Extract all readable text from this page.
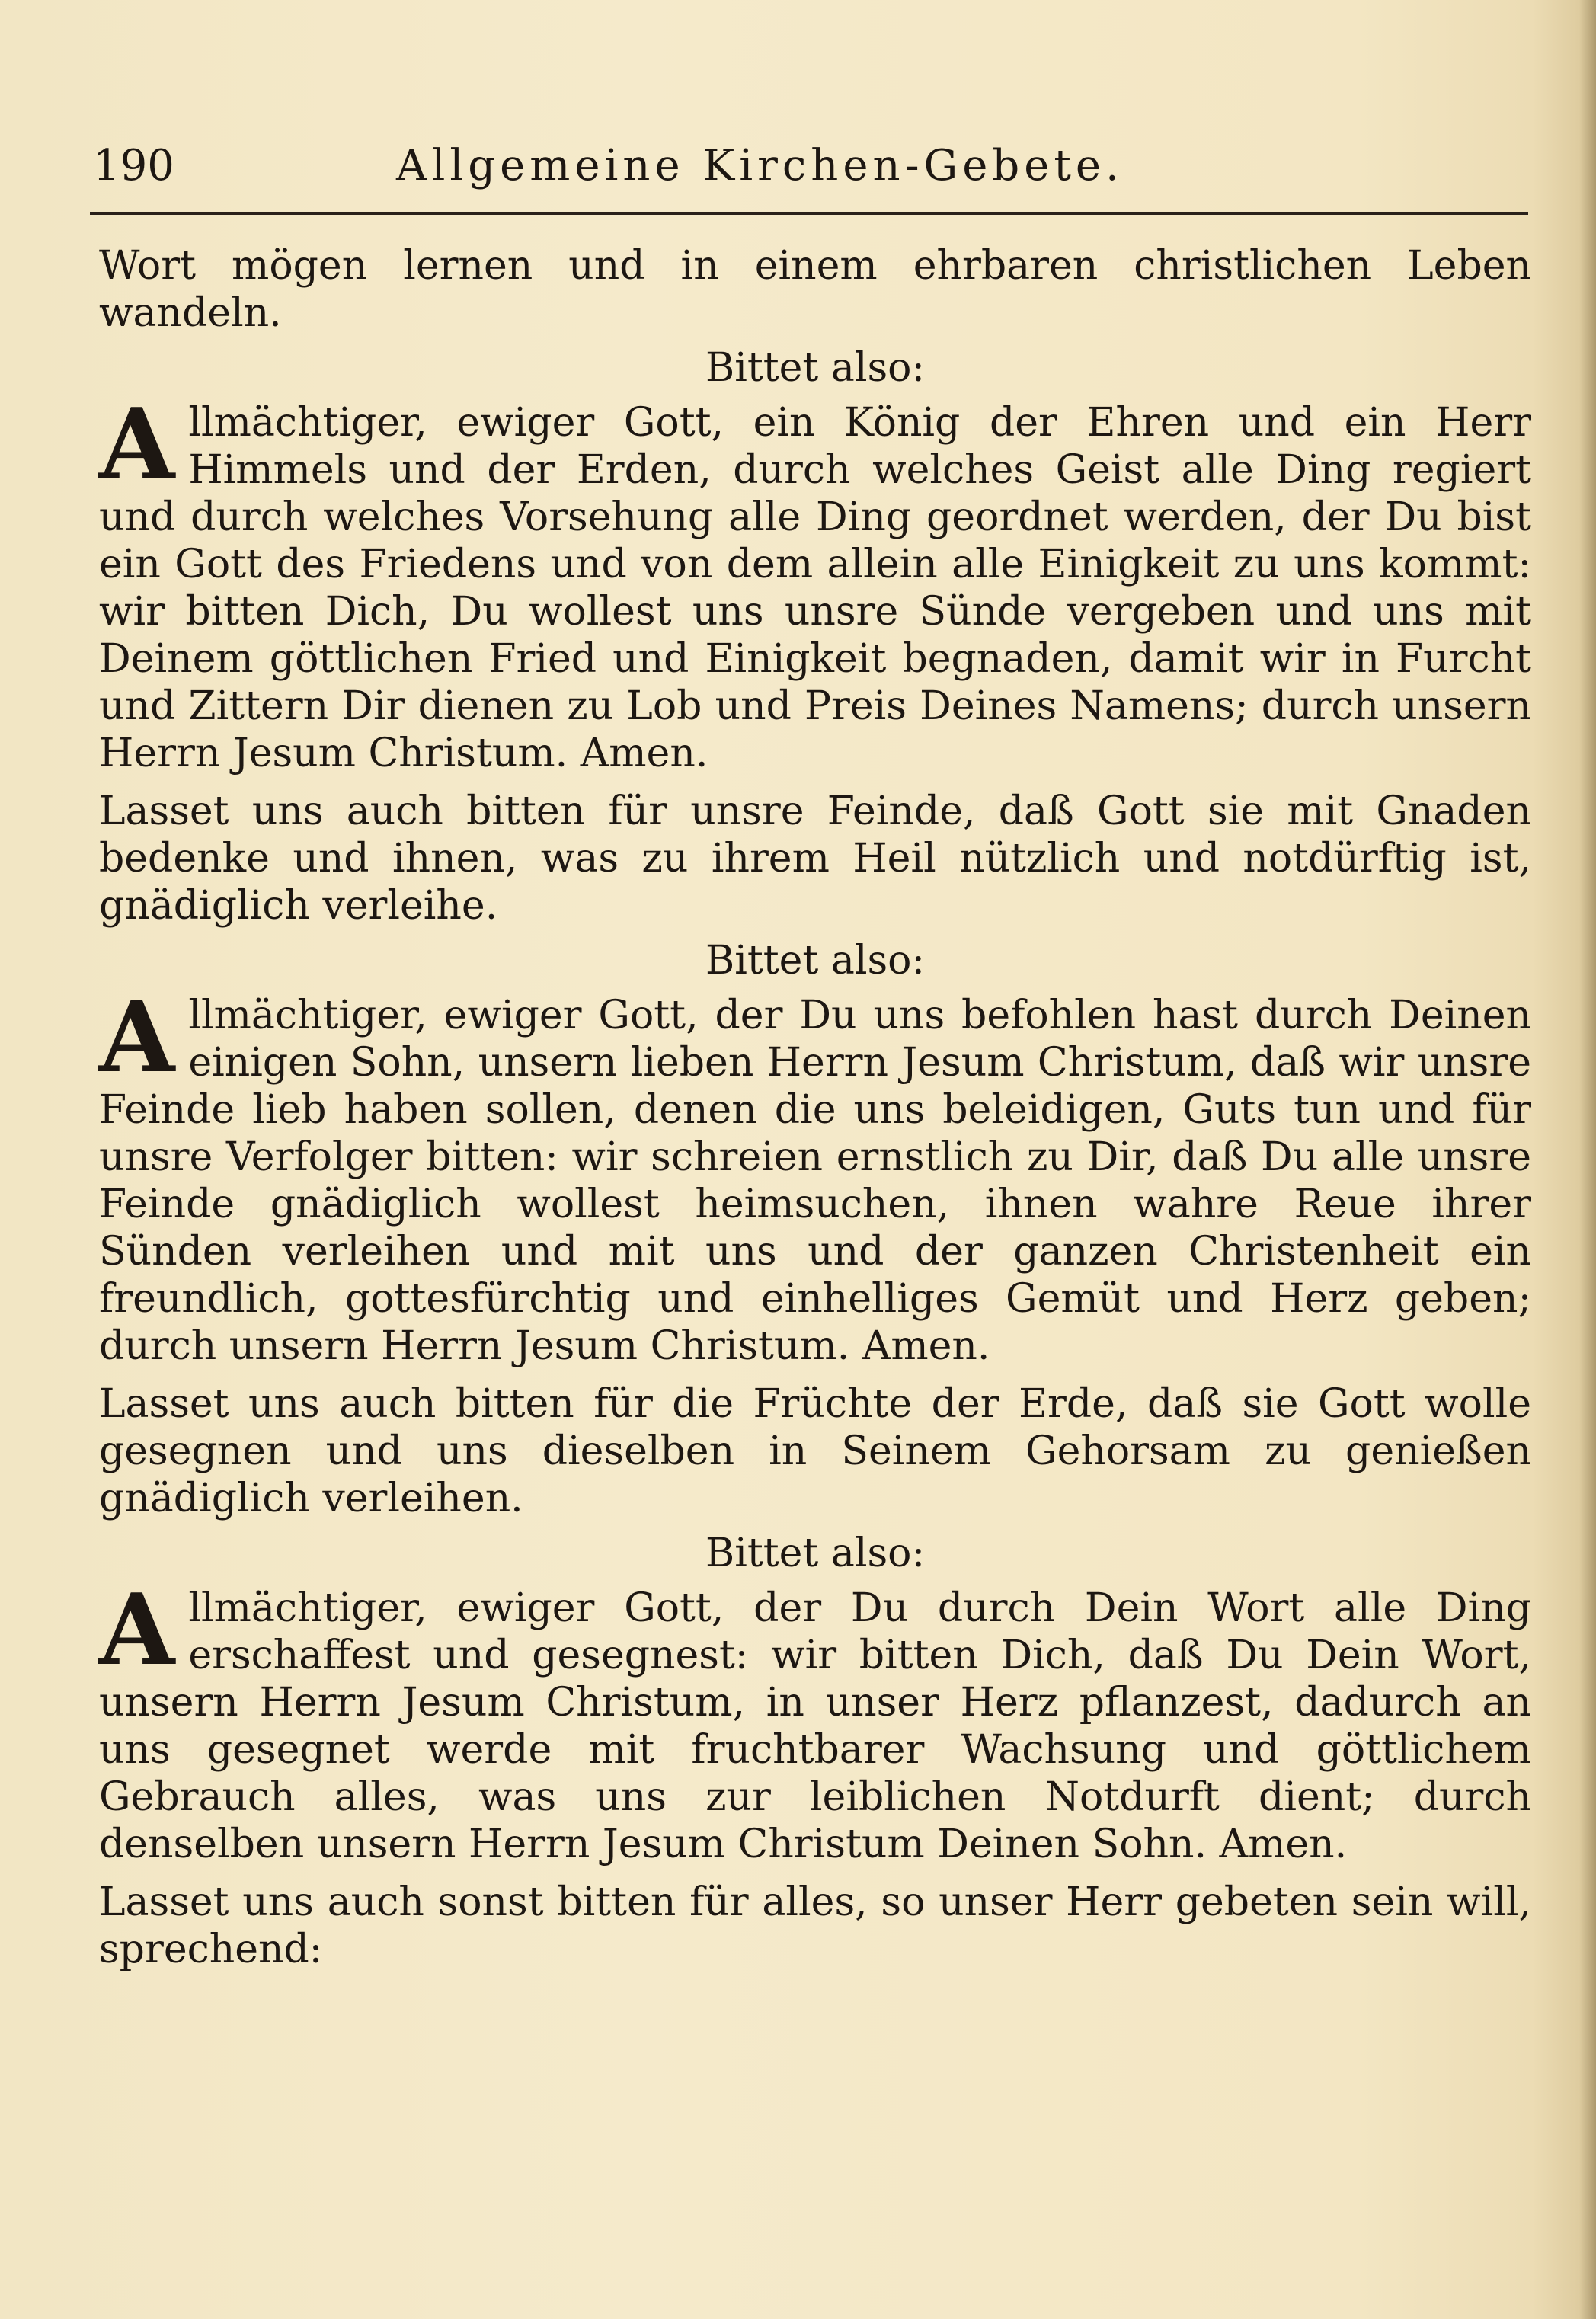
190	Allgemeine Kirchen-Gebete.

Wort mögen lernen und in einem ehrbaren christlichen Leben wandeln.

Bittet also:

Allmächtiger, ewiger Gott, ein König der Ehren und ein Herr Himmels und der Erden, durch welches Geist alle Ding regiert und durch welches Vorsehung alle Ding geordnet werden, der Du bist ein Gott des Friedens und von dem allein alle Einigkeit zu uns kommt: wir bitten Dich, Du wollest uns unsre Sünde vergeben und uns mit Deinem göttlichen Fried und Einigkeit begnaden, damit wir in Furcht und Zittern Dir dienen zu Lob und Preis Deines Namens; durch unsern Herrn Jesum Christum. Amen.

Lasset uns auch bitten für unsre Feinde, daß Gott sie mit Gnaden bedenke und ihnen, was zu ihrem Heil nützlich und notdürftig ist, gnädiglich verleihe.

Bittet also:

Allmächtiger, ewiger Gott, der Du uns befohlen hast durch Deinen einigen Sohn, unsern lieben Herrn Jesum Christum, daß wir unsre Feinde lieb haben sollen, denen die uns beleidigen, Guts tun und für unsre Verfolger bitten: wir schreien ernstlich zu Dir, daß Du alle unsre Feinde gnädiglich wollest heimsuchen, ihnen wahre Reue ihrer Sünden verleihen und mit uns und der ganzen Christenheit ein freundlich, gottesfürchtig und einhelliges Gemüt und Herz geben; durch unsern Herrn Jesum Christum. Amen.

Lasset uns auch bitten für die Früchte der Erde, daß sie Gott wolle gesegnen und uns dieselben in Seinem Gehorsam zu genießen gnädiglich verleihen.

Bittet also:

Allmächtiger, ewiger Gott, der Du durch Dein Wort alle Ding erschaffest und gesegnest: wir bitten Dich, daß Du Dein Wort, unsern Herrn Jesum Christum, in unser Herz pflanzest, dadurch an uns gesegnet werde mit fruchtbarer Wachsung und göttlichem Gebrauch alles, was uns zur leiblichen Notdurft dient; durch denselben unsern Herrn Jesum Christum Deinen Sohn. Amen.

Lasset uns auch sonst bitten für alles, so unser Herr gebeten sein will, sprechend:
